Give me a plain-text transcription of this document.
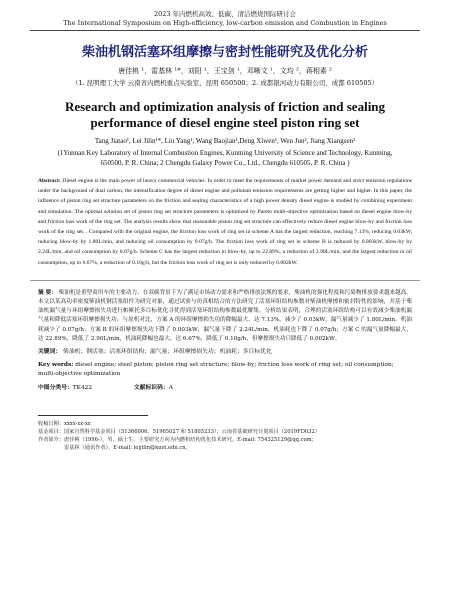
2023 年内燃机高效、低碳、清洁燃烧国际研讨会
The International Symposium on High-efficiency, low-carbon emission and Combustion in Engines
柴油机钢活塞环组摩擦与密封性能研究及优化分析
唐佳桃 ¹，雷基林 ¹*，刘阳 ¹，王宝剑 ¹，邓晰文 ¹，文均 ²，蒋相素 ²
（1. 昆明理工大学 云南省内燃机重点实验室，昆明 650500；2. 成都银河动力有限公司，成都 610505）
Research and optimization analysis of friction and sealing performance of diesel engine steel piston ring set
Tang Jiatao¹, Lei Jilin¹*, Liu Yang¹, Wang Baojian¹,Deng Xiwen¹, Wen Jun², Jiang Xiangsen²
(1Yunnan Key Laboratory of Internal Combustion Engines, Kunming University of Science and Technology, Kunming, 650500, P. R. China; 2 Chengdu Galaxy Power Co., Ltd., Chengdu 610505, P. R. China )
Abstract: Diesel engine is the main power of heavy commercial vehicles. In order to meet the requirements of market power demand and strict emission regulations under the background of dual carbon, the intensification degree of diesel engine and pollutant emission requirements are getting higher and higher. In this paper, the influence of piston ring set structure parameters on the friction and sealing characteristics of a high power density diesel engine is studied by combining experiment and simulation. The optimal solution set of piston ring set structure parameters is optimized by Pareto multi-objective optimization based on diesel engine blow-by and friction loss work of the ring set. The analysis results show that reasonable piston ring set structure can effectively reduce diesel engine blow-by and friction loss work of the ring set. . Compared with the original engine, the friction loss work of ring set in scheme A has the largest reduction, reaching 7.13%, reducing 0.03kW, reducing blow-by by 1.80L/min, and reducing oil consumption by 0.07g/h. The friction loss work of ring set in scheme B is reduced by 0.003kW, blow-by by 2.24L/min, and oil consumption by 0.07g/h. Scheme C has the largest reduction in blow-by, up to 22.89%, a reduction of 2.90L/min, and the largest reduction in oil consumption, up to 6.67%, a reduction of 0.10g/h, but the friction loss work of ring set is only reduced by 0.002kW.
摘 要： 柴油机是重型商用车的主要动力，在双碳背景下为了满足市场动力需求和严格排放法规的要求，柴油机的强化程度和污染物排放要求越来越高。本文以某高功率密度柴油机钢活塞组件为研究对象，通过试验与仿真相结合的方法研究了活塞环组结构参数对柴油机摩擦和密封特性的影响，并基于柴油机漏气量与环组摩擦损失功进行帕累托多目标优化寻优得到活塞环组结构参数最优解集。分析结果表明，合理的活塞环组结构可以有效减少柴油机漏气量和降低活塞环组摩擦损失功。与原机对比，方案 A 的环组摩擦损失功的降幅最大，达 7.13%，减少了 0.03kW，漏气量减少了 1.80L/min，机油耗减少了 0.07g/h；方案 B 的环组摩擦损失功下降了 0.003kW，漏气量下降了 2.24L/min，机油耗也下降了 0.07g/h；方案 C 的漏气量降幅最大，达 22.89%，降低了 2.90L/min，机油耗降幅也最大，达 6.67%，降低了 0.10g/h，但摩擦损失功只降低了 0.002kW。
关键词： 柴油机；钢活塞；活塞环组结构；漏气量；环组摩擦损失功；机油耗；多目标优化
Key words: diesel engine; steel piston; piston ring set structure; blow-by; friction loss work of ring set; oil consumption; multi-objective optimization
中图分类号：TK422	文献标识码：A
收稿日期：xxxx-xx-xx
基金项目：国家自然科学基金项目（51366006、51965027 和 51805233）；云南省基础研究计划项目（2019FD032）
作者简介：唐佳桃（1996-），男，硕士生，主要研究方向为内燃机结构优化技术研究。E-mail: 754325129@qq.com；
雷基林（通讯作者），E-mail: leijilin@kust.edu.cn。
